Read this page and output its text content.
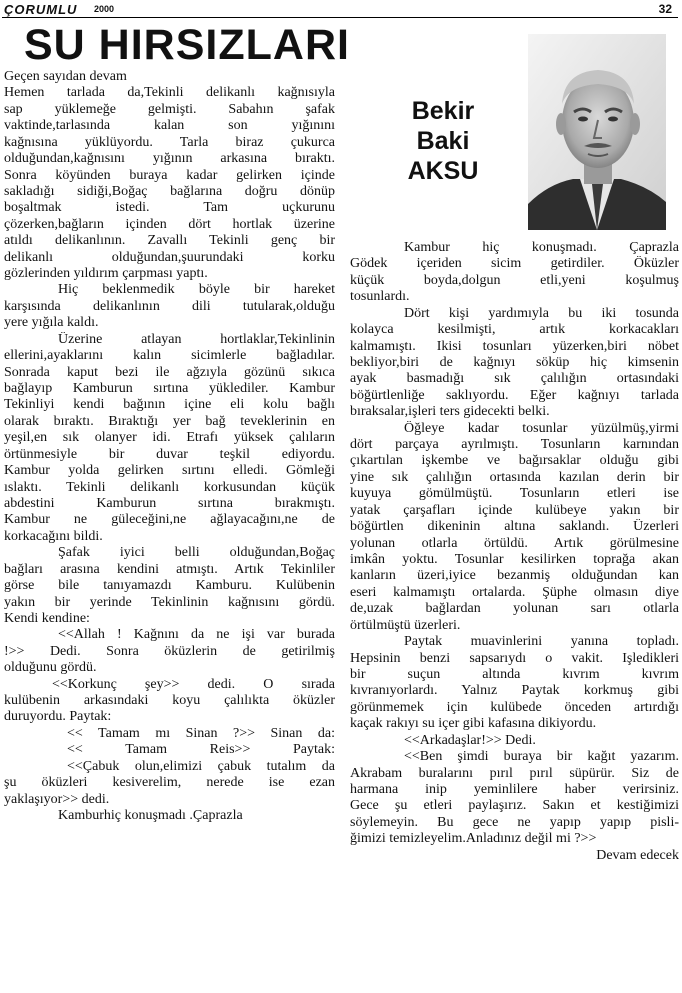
ÇORUMLU 2000	32
SU HIRSIZLARI
Bekir
Baki
AKSU

Geçen sayıdan devam

Hemen tarlada da,Tekinli delikanlı kağnısıyla

sap yüklemeğe gelmişti. Sabahın şafak

vaktinde,tarlasında kalan son yığınını

kağnısına yüklüyordu. Tarla biraz çukurca

olduğundan,kağnısını yığının arkasına bıraktı.

Sonra köyünden buraya kadar gelirken içinde

sakladığı sidiği,Boğaç bağlarına doğru dönüp

boşaltmak istedi. Tam uçkurunu

çözerken,bağların içinden dört hortlak üzerine

atıldı delikanlının. Zavallı Tekinli genç bir

delikanlı olduğundan,şuurundaki korku

gözlerinden yıldırım çarpması yaptı.

Hiç beklenmedik böyle bir hareket

karşısında delikanlının dili tutularak,olduğu

yere yığıla kaldı.

Üzerine atlayan hortlaklar,Tekinlinin

ellerini,ayaklarını kalın sicimlerle bağladılar.

Sonrada kaput bezi ile ağzıyla gözünü sıkıca

bağlayıp Kamburun sırtına yüklediler. Kambur

Tekinliyi kendi bağının içine eli kolu bağlı

olarak bıraktı. Bıraktığı yer bağ teveklerinin en

yeşil,en sık olanyer idi. Etrafı yüksek çalıların

örtünmesiyle bir duvar teşkil ediyordu.

Kambur yolda gelirken sırtını elledi. Gömleği

ıslaktı. Tekinli delikanlı korkusundan küçük

abdestini Kamburun sırtına bırakmıştı.

Kambur ne güleceğini,ne ağlayacağını,ne de

korkacağını bildi.

Şafak iyici belli olduğundan,Boğaç

bağları arasına kendini atmıştı. Artık Tekinliler

görse bile tanıyamazdı Kamburu. Kulübenin

yakın bir yerinde Tekinlinin kağnısını gördü.

Kendi kendine:

<<Allah ! Kağnını da ne işi var burada

!>> Dedi. Sonra öküzlerin de getirilmiş

olduğunu gördü.

<<Korkunç şey>> dedi. O sırada

kulübenin arkasındaki koyu çalılıkta öküzler

duruyordu. Paytak:

<< Tamam mı Sinan ?>> Sinan da:

<< Tamam Reis>> Paytak:

<<Çabuk olun,elimizi çabuk tutalım da

şu öküzleri kesiverelim, nerede ise ezan

yaklaşıyor>> dedi.

Kamburhiç konuşmadı .Çaprazla

Kambur hiç konuşmadı. Çaprazla

Gödek içeriden sicim getirdiler. Öküzler

küçük boyda,dolgun etli,yeni koşulmuş

tosunlardı.

Dört kişi yardımıyla bu iki tosunda

kolayca kesilmişti, artık korkacakları

kalmamıştı. Ikisi tosunları yüzerken,biri nöbet

bekliyor,biri de kağnıyı söküp hiç kimsenin

ayak basmadığı sık çalılığın ortasındaki

böğürtlenliğe saklıyordu. Eğer kağnıyı tarlada

bıraksalar,işleri ters gidecekti belki.

Öğleye kadar tosunlar yüzülmüş,yirmi

dört parçaya ayrılmıştı. Tosunların karnından

çıkartılan işkembe ve bağırsaklar olduğu gibi

yine sık çalılığın ortasında kazılan derin bir

kuyuya gömülmüştü. Tosunların etleri ise

yatak çarşafları içinde kulübeye yakın bir

böğürtlen dikeninin altına saklandı. Üzerleri

yolunan otlarla örtüldü. Artık görülmesine

imkân yoktu. Tosunlar kesilirken toprağa akan

kanların üzeri,iyice bezanmiş olduğundan kan

eseri kalmamıştı ortalarda. Şüphe olmasın diye

de,uzak bağlardan yolunan sarı otlarla

örtülmüştü üzerleri.

Paytak muavinlerini yanına topladı.

Hepsinin benzi sapsarıydı o vakit. Işledikleri

bir suçun altında kıvrım kıvrım

kıvranıyorlardı. Yalnız Paytak korkmuş gibi

görünmemek için kulübede önceden artırdığı

kaçak rakıyı su içer gibi kafasına dikiyordu.

<<Arkadaşlar!>> Dedi.

<<Ben şimdi buraya bir kağıt yazarım.

Akrabam buralarını pırıl pırıl süpürür. Siz de

harmana inip yeminlilere haber verirsiniz.

Gece şu etleri paylaşırız. Sakın et kestiğimizi

söylemeyin. Bu gece ne yapıp yapıp pisli-

ğimizi temizleyelim.Anladınız değil mi ?>>

Devam edecek
